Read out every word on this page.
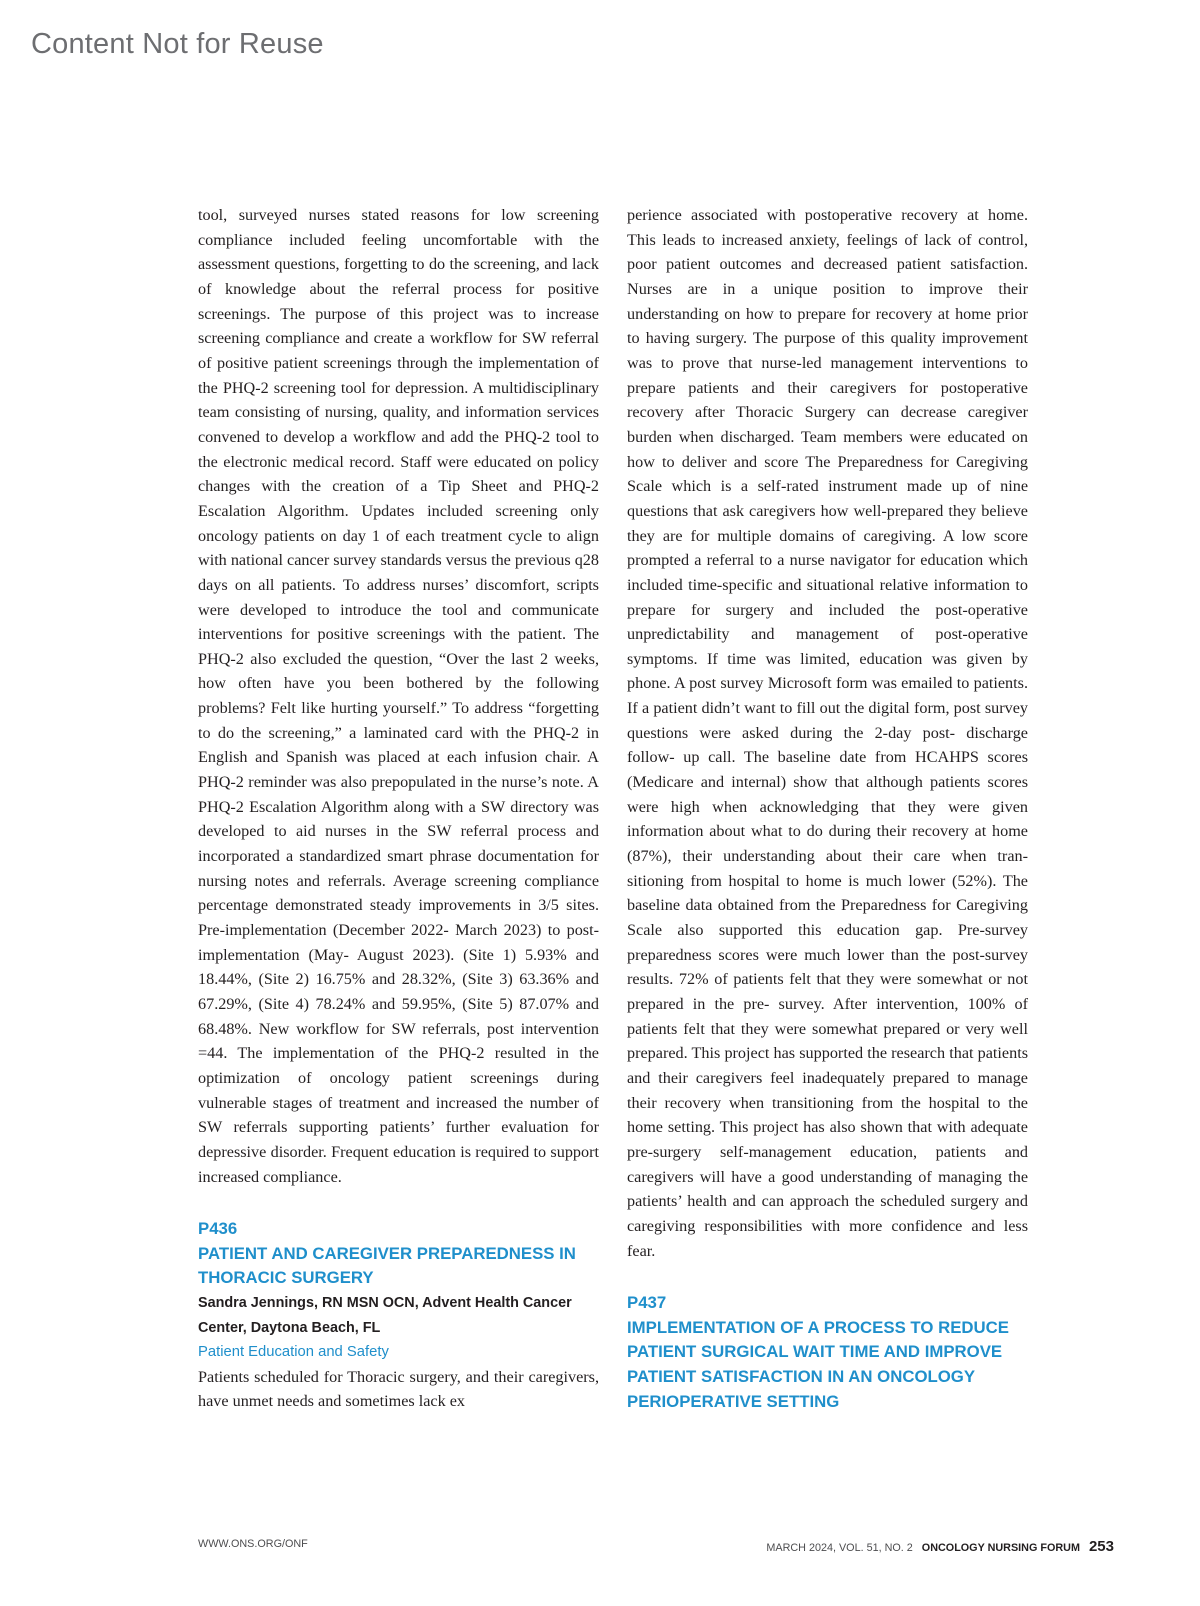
Content Not for Reuse

tool, surveyed nurses stated reasons for low screening compliance included feeling uncomfortable with the assessment questions, forgetting to do the screening, and lack of knowledge about the referral process for positive screenings. The purpose of this project was to increase screening compliance and create a workflow for SW referral of positive patient screenings through the implementation of the PHQ-2 screening tool for depression. A multidisciplinary team consisting of nursing, quality, and information services convened to develop a workflow and add the PHQ-2 tool to the electronic medical record. Staff were educated on policy changes with the creation of a Tip Sheet and PHQ-2 Escalation Algorithm. Updates included screening only oncology patients on day 1 of each treatment cycle to align with national cancer survey standards versus the previous q28 days on all patients. To address nurses’ discomfort, scripts were developed to introduce the tool and communicate interventions for positive screenings with the patient. The PHQ-2 also excluded the question, “Over the last 2 weeks, how often have you been bothered by the following problems? Felt like hurting yourself.” To address “forgetting to do the screening,” a laminated card with the PHQ-2 in English and Spanish was placed at each infusion chair. A PHQ-2 reminder was also prepopulated in the nurse’s note. A PHQ-2 Escalation Algorithm along with a SW directory was developed to aid nurses in the SW referral process and incorporated a standardized smart phrase documentation for nursing notes and referrals. Average screening compliance percentage demonstrated steady improvements in 3/5 sites. Pre-implementation (December 2022- March 2023) to post-implementation (May- August 2023). (Site 1) 5.93% and 18.44%, (Site 2) 16.75% and 28.32%, (Site 3) 63.36% and 67.29%, (Site 4) 78.24% and 59.95%, (Site 5) 87.07% and 68.48%. New workflow for SW referrals, post intervention =44. The implementation of the PHQ-2 resulted in the optimization of oncology patient screenings during vulnerable stages of treatment and increased the number of SW referrals supporting patients’ further evaluation for depressive disorder. Frequent education is required to support increased compliance.

P436

PATIENT AND CAREGIVER PREPAREDNESS IN THORACIC SURGERY

Sandra Jennings, RN MSN OCN, Advent Health Cancer Center, Daytona Beach, FL

Patient Education and Safety

Patients scheduled for Thoracic surgery, and their caregivers, have unmet needs and sometimes lack ex

perience associated with postoperative recovery at home. This leads to increased anxiety, feelings of lack of control, poor patient outcomes and decreased patient satisfaction. Nurses are in a unique position to improve their understanding on how to prepare for recovery at home prior to having surgery. The purpose of this quality improvement was to prove that nurse-led management interventions to prepare patients and their caregivers for postoperative recovery after Thoracic Surgery can decrease caregiver burden when discharged. Team members were educated on how to deliver and score The Preparedness for Caregiving Scale which is a self-rated instrument made up of nine questions that ask caregivers how well-prepared they believe they are for multiple domains of caregiving. A low score prompted a referral to a nurse navigator for education which included time-specific and situational relative information to prepare for surgery and included the post-operative unpredictability and management of post-operative symptoms. If time was limited, education was given by phone. A post survey Microsoft form was emailed to patients. If a patient didn’t want to fill out the digital form, post survey questions were asked during the 2-day post- discharge follow- up call. The baseline date from HCAHPS scores (Medicare and internal) show that although patients scores were high when acknowledging that they were given information about what to do during their recovery at home (87%), their understanding about their care when transitioning from hospital to home is much lower (52%). The baseline data obtained from the Preparedness for Caregiving Scale also supported this education gap. Pre-survey preparedness scores were much lower than the post-survey results. 72% of patients felt that they were somewhat or not prepared in the pre- survey. After intervention, 100% of patients felt that they were somewhat prepared or very well prepared. This project has supported the research that patients and their caregivers feel inadequately prepared to manage their recovery when transitioning from the hospital to the home setting. This project has also shown that with adequate pre-surgery self-management education, patients and caregivers will have a good understanding of managing the patients’ health and can approach the scheduled surgery and caregiving responsibilities with more confidence and less fear.

P437

IMPLEMENTATION OF A PROCESS TO REDUCE PATIENT SURGICAL WAIT TIME AND IMPROVE PATIENT SATISFACTION IN AN ONCOLOGY PERIOPERATIVE SETTING

WWW.ONS.ORG/ONF	MARCH 2024, VOL. 51, NO. 2 ONCOLOGY NURSING FORUM 253
